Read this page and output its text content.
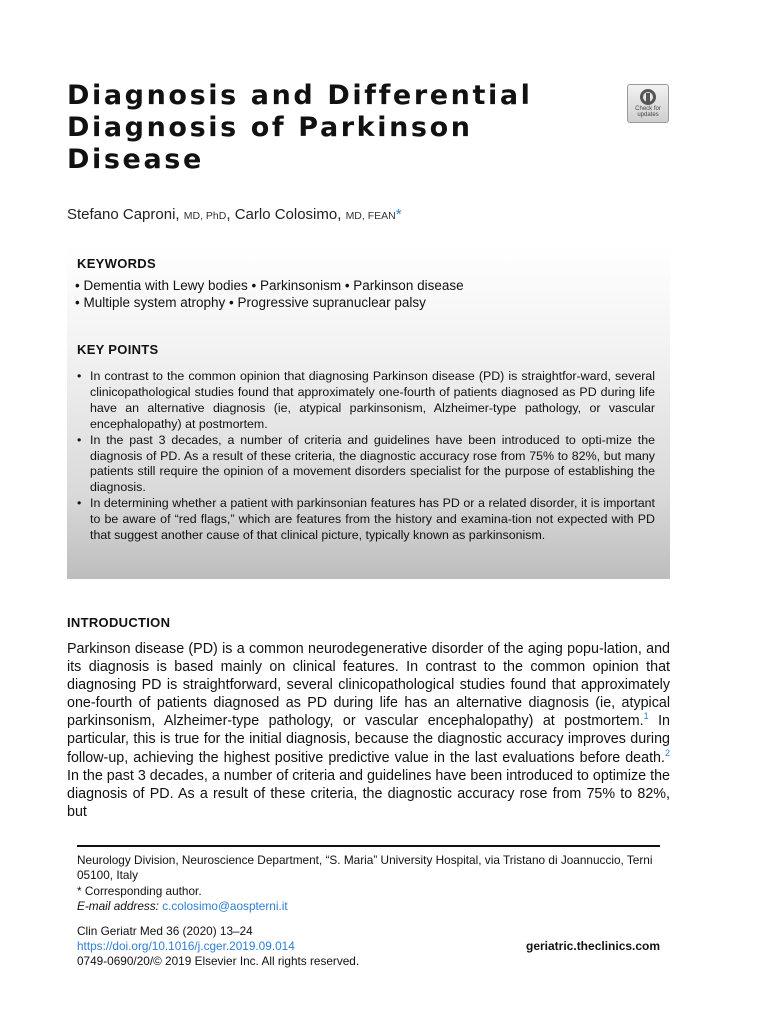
Diagnosis and Differential
Diagnosis of Parkinson
Disease
Check for
updates
Stefano Caproni, MD, PhD, Carlo Colosimo, MD, FEAN*
KEYWORDS
• Dementia with Lewy bodies • Parkinsonism • Parkinson disease
• Multiple system atrophy • Progressive supranuclear palsy
KEY POINTS
• In contrast to the common opinion that diagnosing Parkinson disease (PD) is straightfor-ward, several clinicopathological studies found that approximately one-fourth of patients diagnosed as PD during life have an alternative diagnosis (ie, atypical parkinsonism, Alzheimer-type pathology, or vascular encephalopathy) at postmortem.
• In the past 3 decades, a number of criteria and guidelines have been introduced to opti-mize the diagnosis of PD. As a result of these criteria, the diagnostic accuracy rose from 75% to 82%, but many patients still require the opinion of a movement disorders specialist for the purpose of establishing the diagnosis.
• In determining whether a patient with parkinsonian features has PD or a related disorder, it is important to be aware of “red flags,” which are features from the history and examina-tion not expected with PD that suggest another cause of that clinical picture, typically known as parkinsonism.
INTRODUCTION

Parkinson disease (PD) is a common neurodegenerative disorder of the aging popu-lation, and its diagnosis is based mainly on clinical features. In contrast to the common opinion that diagnosing PD is straightforward, several clinicopathological studies found that approximately one-fourth of patients diagnosed as PD during life has an alternative diagnosis (ie, atypical parkinsonism, Alzheimer-type pathology, or vascular encephalopathy) at postmortem.$^1$ In particular, this is true for the initial diagnosis, because the diagnostic accuracy improves during follow-up, achieving the highest positive predictive value in the last evaluations before death.$^2$ In the past 3 decades, a number of criteria and guidelines have been introduced to optimize the diagnosis of PD. As a result of these criteria, the diagnostic accuracy rose from 75% to 82%, but

Neurology Division, Neuroscience Department, “S. Maria” University Hospital, via Tristano di Joannuccio, Terni 05100, Italy
* Corresponding author.
E-mail address: c.colosimo@aospterni.it
Clin Geriatr Med 36 (2020) 13–24
https://doi.org/10.1016/j.cger.2019.09.014
0749-0690/20/© 2019 Elsevier Inc. All rights reserved.
geriatric.theclinics.com
